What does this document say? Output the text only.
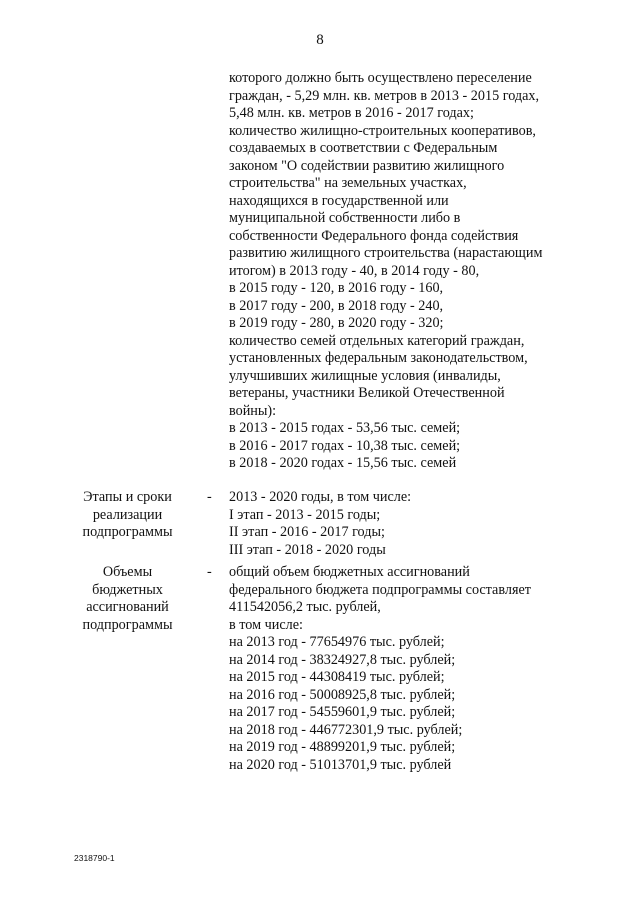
8
которого должно быть осуществлено переселение
граждан, - 5,29 млн. кв. метров в 2013 - 2015 годах,
5,48 млн. кв. метров в 2016 - 2017 годах;
количество жилищно-строительных кооперативов,
создаваемых в соответствии с Федеральным
законом "О содействии развитию жилищного
строительства" на земельных участках,
находящихся в государственной или
муниципальной собственности либо в
собственности Федерального фонда содействия
развитию жилищного строительства (нарастающим
итогом) в 2013 году - 40, в 2014 году - 80,
в 2015 году - 120, в 2016 году - 160,
в 2017 году - 200, в 2018 году - 240,
в 2019 году - 280, в 2020 году - 320;
количество семей отдельных категорий граждан,
установленных федеральным законодательством,
улучшивших жилищные условия (инвалиды,
ветераны, участники Великой Отечественной
войны):
в 2013 - 2015 годах - 53,56 тыс. семей;
в 2016 - 2017 годах - 10,38 тыс. семей;
в 2018 - 2020 годах - 15,56 тыс. семей
Этапы и сроки
реализации
подпрограммы
- 2013 - 2020 годы, в том числе:
I этап - 2013 - 2015 годы;
II этап - 2016 - 2017 годы;
III этап - 2018 - 2020 годы
Объемы
бюджетных
ассигнований
подпрограммы
- общий объем бюджетных ассигнований
федерального бюджета подпрограммы составляет
411542056,2 тыс. рублей,
в том числе:
на 2013 год - 77654976 тыс. рублей;
на 2014 год - 38324927,8 тыс. рублей;
на 2015 год - 44308419 тыс. рублей;
на 2016 год - 50008925,8 тыс. рублей;
на 2017 год - 54559601,9 тыс. рублей;
на 2018 год - 446772301,9 тыс. рублей;
на 2019 год - 48899201,9 тыс. рублей;
на 2020 год - 51013701,9 тыс. рублей
2318790-1
